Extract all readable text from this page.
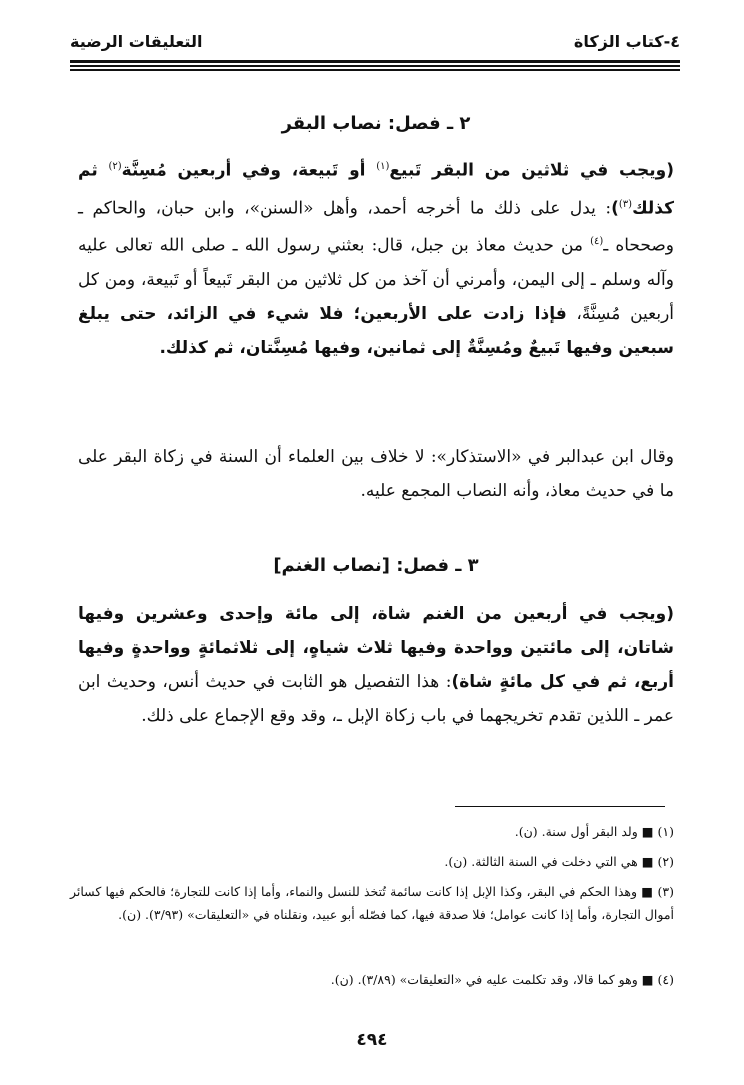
٤-كتاب الزكاة
التعليقات الرضية
٢ ـ فصل: نصاب البقر
(ويجب في ثلاثين من البقر تَبيع$^{(١)}$ أو تَبيعة، وفي أربعين مُسِنَّة$^{(٢)}$ ثم كذلك$^{(٣)}$): يدل على ذلك ما أخرجه أحمد، وأهل «السنن»، وابن حبان، والحاكم ـ وصححاه ـ$^{(٤)}$ من حديث معاذ بن جبل، قال: بعثني رسول الله ـ صلى الله تعالى عليه وآله وسلم ـ إلى اليمن، وأمرني أن آخذ من كل ثلاثين من البقر تَبيعاً أو تَبيعة، ومن كل أربعين مُسِنَّةً، فإذا زادت على الأربعين؛ فلا شيء في الزائد، حتى يبلغ سبعين وفيها تَبيعٌ ومُسِنَّةٌ إلى ثمانين، وفيها مُسِنَّتان، ثم كذلك.
وقال ابن عبدالبر في «الاستذكار»: لا خلاف بين العلماء أن السنة في زكاة البقر على ما في حديث معاذ، وأنه النصاب المجمع عليه.
٣ ـ فصل: [نصاب الغنم]
(ويجب في أربعين من الغنم شاة، إلى مائة وإحدى وعشرين وفيها شاتان، إلى مائتين وواحدة وفيها ثلاث شياهٍ، إلى ثلاثمائةٍ وواحدةٍ وفيها أربع، ثم في كل مائةٍ شاة): هذا التفصيل هو الثابت في حديث أنس، وحديث ابن عمر ـ اللذين تقدم تخريجهما في باب زكاة الإبل ـ، وقد وقع الإجماع على ذلك.
(١) ■ ولد البقر أول سنة. (ن).
(٢) ■ هي التي دخلت في السنة الثالثة. (ن).
(٣) ■ وهذا الحكم في البقر، وكذا الإبل إذا كانت سائمة تُتخذ للنسل والنماء، وأما إذا كانت للتجارة؛ فالحكم فيها كسائر أموال التجارة، وأما إذا كانت عوامل؛ فلا صدقة فيها، كما فصّله أبو عبيد، ونقلناه في «التعليقات» (٣/٩٣). (ن).
(٤) ■ وهو كما قالا، وقد تكلمت عليه في «التعليقات» (٣/٨٩). (ن).
٤٩٤
